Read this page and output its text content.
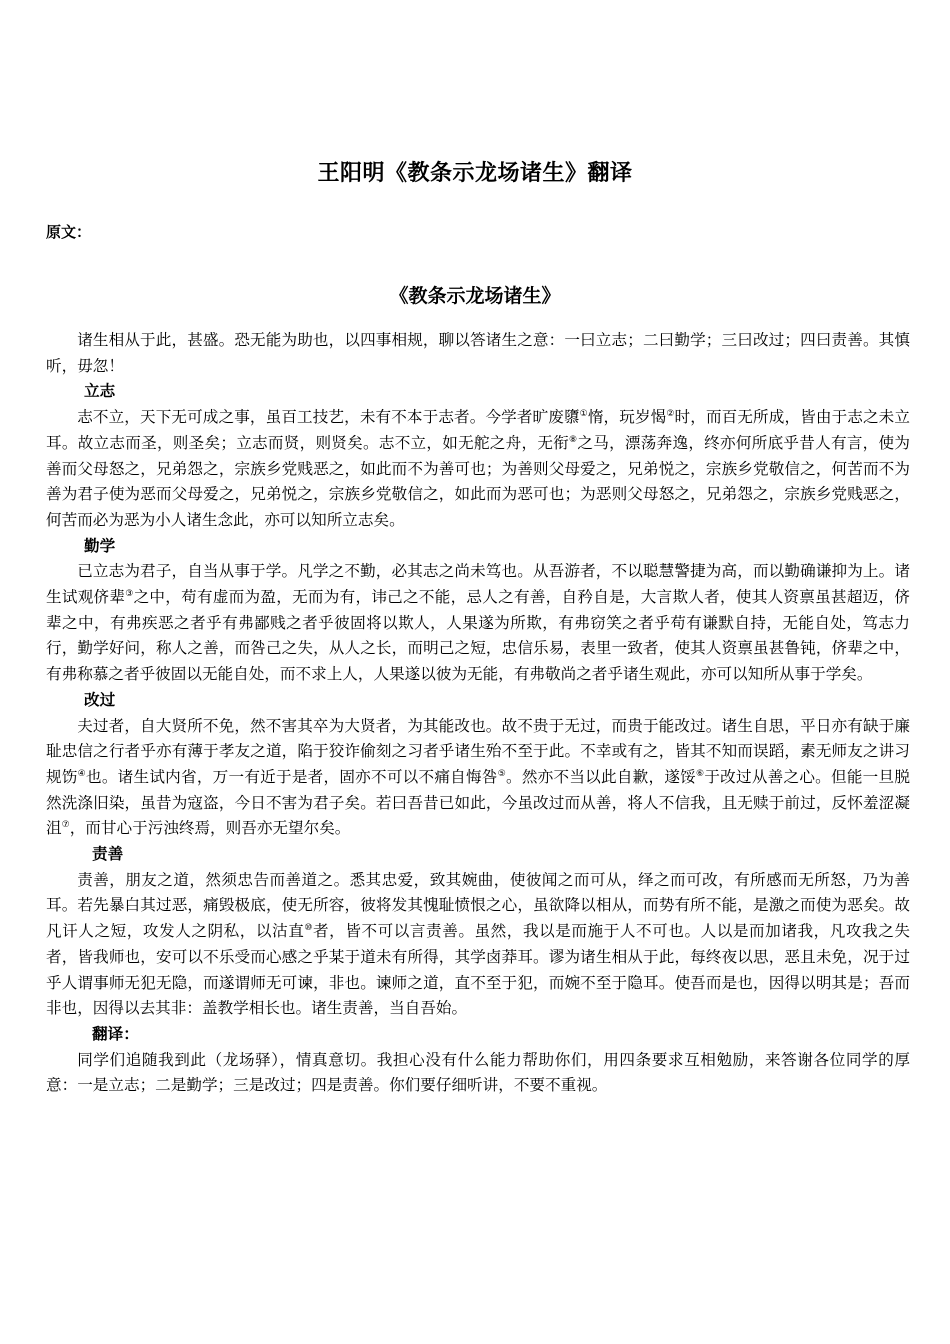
王阳明《教条示龙场诸生》翻译
原文：
《教条示龙场诸生》

诸生相从于此，甚盛。恐无能为助也，以四事相规，聊以答诸生之意：一曰立志；二曰勤学；三曰改过；四曰责善。其慎听，毋忽！

立志

志不立，天下无可成之事，虽百工技艺，未有不本于志者。今学者旷废隳①惰，玩岁愒②时，而百无所成，皆由于志之未立耳。故立志而圣，则圣矣；立志而贤，则贤矣。志不立，如无舵之舟，无衔⑧之马，漂荡奔逸，终亦何所底乎昔人有言，使为善而父母怒之，兄弟怨之，宗族乡党贱恶之，如此而不为善可也；为善则父母爱之，兄弟悦之，宗族乡党敬信之，何苦而不为善为君子使为恶而父母爱之，兄弟悦之，宗族乡党敬信之，如此而为恶可也；为恶则父母怒之，兄弟怨之，宗族乡党贱恶之，何苦而必为恶为小人诸生念此，亦可以知所立志矣。

勤学

已立志为君子，自当从事于学。凡学之不勤，必其志之尚未笃也。从吾游者，不以聪慧警捷为高，而以勤确谦抑为上。诸生试观侪辈③之中，苟有虚而为盈，无而为有，讳己之不能，忌人之有善，自矜自是，大言欺人者，使其人资禀虽甚超迈，侪辈之中，有弗疾恶之者乎有弗鄙贱之者乎彼固将以欺人，人果遂为所欺，有弗窃笑之者乎苟有谦默自持，无能自处，笃志力行，勤学好问，称人之善，而咎己之失，从人之长，而明己之短，忠信乐易，表里一致者，使其人资禀虽甚鲁钝，侪辈之中，有弗称慕之者乎彼固以无能自处，而不求上人，人果遂以彼为无能，有弗敬尚之者乎诸生观此，亦可以知所从事于学矣。

改过

夫过者，自大贤所不免，然不害其卒为大贤者，为其能改也。故不贵于无过，而贵于能改过。诸生自思，平日亦有缺于廉耻忠信之行者乎亦有薄于孝友之道，陷于狡诈偷刻之习者乎诸生殆不至于此。不幸或有之，皆其不知而误蹈，素无师友之讲习规饬④也。诸生试内省，万一有近于是者，固亦不可以不痛自悔咎⑤。然亦不当以此自歉，遂馁⑥于改过从善之心。但能一旦脱然洗涤旧染，虽昔为寇盗，今日不害为君子矣。若曰吾昔已如此，今虽改过而从善，将人不信我，且无赎于前过，反怀羞涩凝沮⑦，而甘心于污浊终焉，则吾亦无望尔矣。

责善

责善，朋友之道，然须忠告而善道之。悉其忠爱，致其婉曲，使彼闻之而可从，绎之而可改，有所感而无所怒，乃为善耳。若先暴白其过恶，痛毁极底，使无所容，彼将发其愧耻愤恨之心，虽欲降以相从，而势有所不能，是激之而使为恶矣。故凡讦人之短，攻发人之阴私，以沽直⑩者，皆不可以言责善。虽然，我以是而施于人不可也。人以是而加诸我，凡攻我之失者，皆我师也，安可以不乐受而心感之乎某于道未有所得，其学卤莽耳。谬为诸生相从于此，每终夜以思，恶且未免，况于过乎人谓事师无犯无隐，而遂谓师无可谏，非也。谏师之道，直不至于犯，而婉不至于隐耳。使吾而是也，因得以明其是；吾而非也，因得以去其非：盖教学相长也。诸生责善，当自吾始。

翻译：

同学们追随我到此（龙场驿），情真意切。我担心没有什么能力帮助你们，用四条要求互相勉励，来答谢各位同学的厚意：一是立志；二是勤学；三是改过；四是责善。你们要仔细听讲，不要不重视。
